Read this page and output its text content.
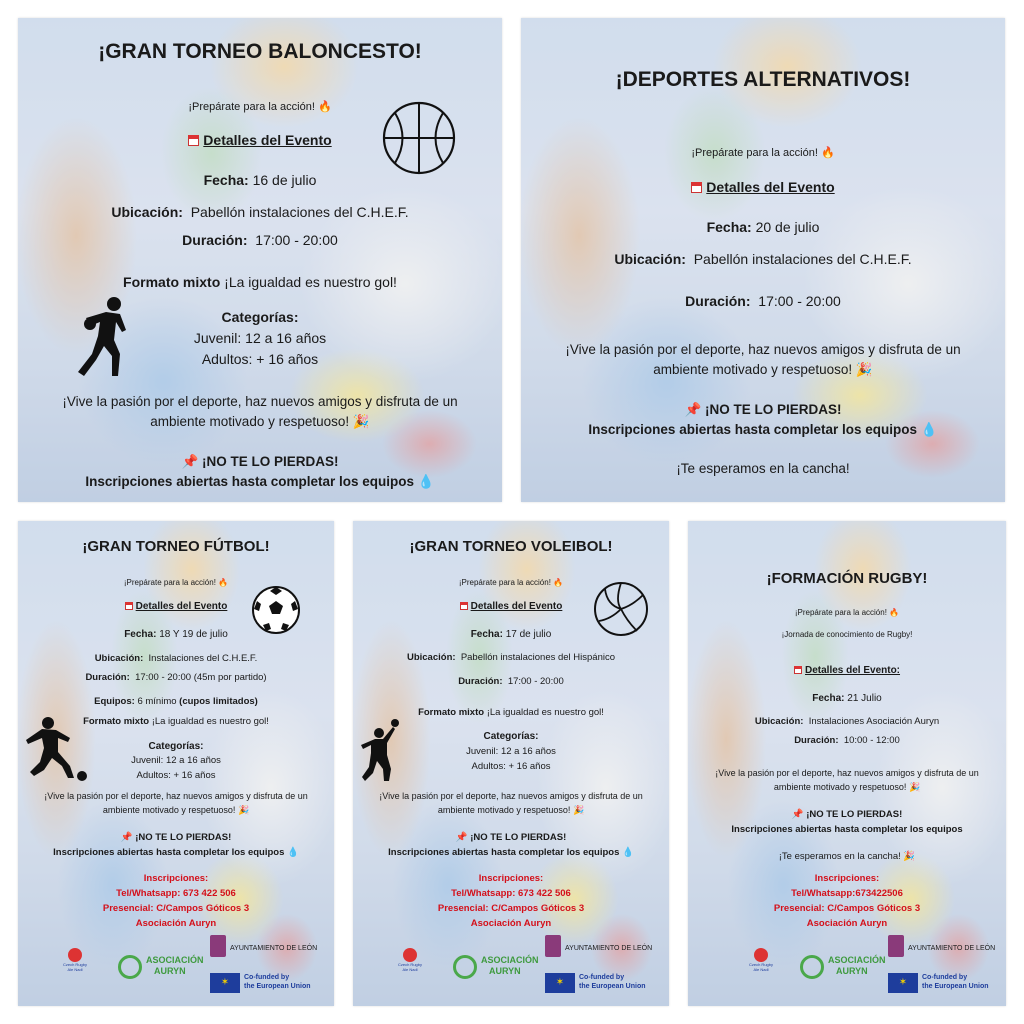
¡GRAN TORNEO BALONCESTO!
¡Prepárate para la acción! 🔥
Detalles del Evento
Fecha: 16 de julio
Ubicación: Pabellón instalaciones del C.H.E.F.
Duración: 17:00 - 20:00
Formato mixto ¡La igualdad es nuestro gol!
Categorías:
Juvenil: 12 a 16 años
Adultos: + 16 años
¡Vive la pasión por el deporte, haz nuevos amigos y disfruta de un
ambiente motivado y respetuoso! 🎉
📌 ¡NO TE LO PIERDAS!
Inscripciones abiertas hasta completar los equipos 💧
¡DEPORTES ALTERNATIVOS!
¡Prepárate para la acción! 🔥
Detalles del Evento
Fecha: 20 de julio
Ubicación: Pabellón instalaciones del C.H.E.F.
Duración: 17:00 - 20:00
¡Vive la pasión por el deporte, haz nuevos amigos y disfruta de un
ambiente motivado y respetuoso! 🎉
📌 ¡NO TE LO PIERDAS!
Inscripciones abiertas hasta completar los equipos 💧
¡Te esperamos en la cancha!
¡GRAN TORNEO FÚTBOL!
¡Prepárate para la acción! 🔥
Detalles del Evento
Fecha: 18 Y 19 de julio
Ubicación: Instalaciones del C.H.E.F.
Duración: 17:00 - 20:00 (45m por partido)
Equipos: 6 mínimo (cupos limitados)
Formato mixto ¡La igualdad es nuestro gol!
Categorías:
Juvenil: 12 a 16 años
Adultos: + 16 años
¡Vive la pasión por el deporte, haz nuevos amigos y disfruta de un
ambiente motivado y respetuoso! 🎉
📌 ¡NO TE LO PIERDAS!
Inscripciones abiertas hasta completar los equipos 💧
Inscripciones:
Tel/Whatsapp: 673 422 506
Presencial: C/Campos Góticos 3
Asociación Auryn
Czech Rugby
Ale Nadl
ASOCIACIÓN
AURYN
AYUNTAMIENTO DE LEÓN
✶	Co-funded by
the European Union
¡GRAN TORNEO VOLEIBOL!
¡Prepárate para la acción! 🔥
Detalles del Evento
Fecha: 17 de julio
Ubicación: Pabellón instalaciones del Hispánico
Duración: 17:00 - 20:00
Formato mixto ¡La igualdad es nuestro gol!
Categorías:
Juvenil: 12 a 16 años
Adultos: + 16 años
¡Vive la pasión por el deporte, haz nuevos amigos y disfruta de un
ambiente motivado y respetuoso! 🎉
📌 ¡NO TE LO PIERDAS!
Inscripciones abiertas hasta completar los equipos 💧
Inscripciones:
Tel/Whatsapp: 673 422 506
Presencial: C/Campos Góticos 3
Asociación Auryn
Czech Rugby
Ale Nadl
ASOCIACIÓN
AURYN
AYUNTAMIENTO DE LEÓN
✶	Co-funded by
the European Union
¡FORMACIÓN RUGBY!
¡Prepárate para la acción! 🔥
¡Jornada de conocimiento de Rugby!
Detalles del Evento:
Fecha: 21 Julio
Ubicación: Instalaciones Asociación Auryn
Duración: 10:00 - 12:00
¡Vive la pasión por el deporte, haz nuevos amigos y disfruta de un
ambiente motivado y respetuoso! 🎉
📌 ¡NO TE LO PIERDAS!
Inscripciones abiertas hasta completar los equipos
¡Te esperamos en la cancha! 🎉
Inscripciones:
Tel/Whatsapp:673422506
Presencial: C/Campos Góticos 3
Asociación Auryn
Czech Rugby
Ale Nadl
ASOCIACIÓN
AURYN
AYUNTAMIENTO DE LEÓN
✶	Co-funded by
the European Union
